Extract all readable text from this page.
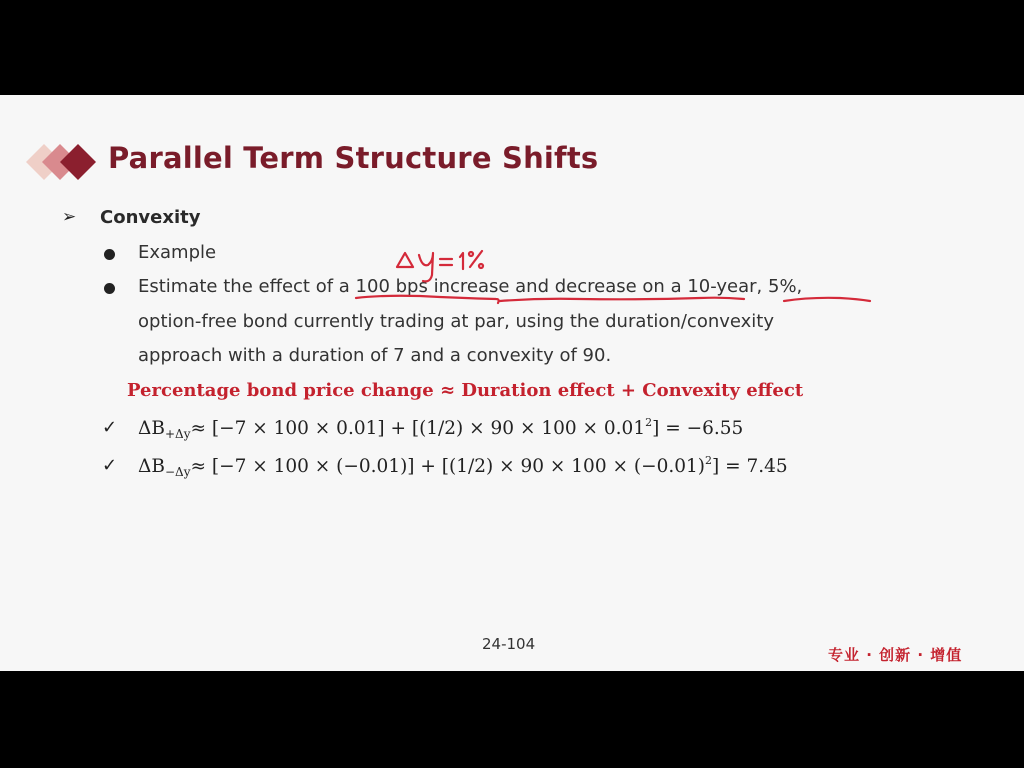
Parallel Term Structure Shifts
➢ Convexity
Example
Estimate the effect of a 100 bps increase and decrease on a 10-year, 5%,
option-free bond currently trading at par, using the duration/convexity
approach with a duration of 7 and a convexity of 90.
Percentage bond price change ≈ Duration effect + Convexity effect
✓ $\Delta B_{+\Delta y}\approx [-7 \times 100 \times 0.01] + [(1/2) \times 90 \times 100 \times 0.01^2] = -6.55$
✓ $\Delta B_{-\Delta y}\approx [-7 \times 100 \times (-0.01)] + [(1/2) \times 90 \times 100 \times (-0.01)^2] = 7.45$
24-104
专业 · 创新 · 增值
